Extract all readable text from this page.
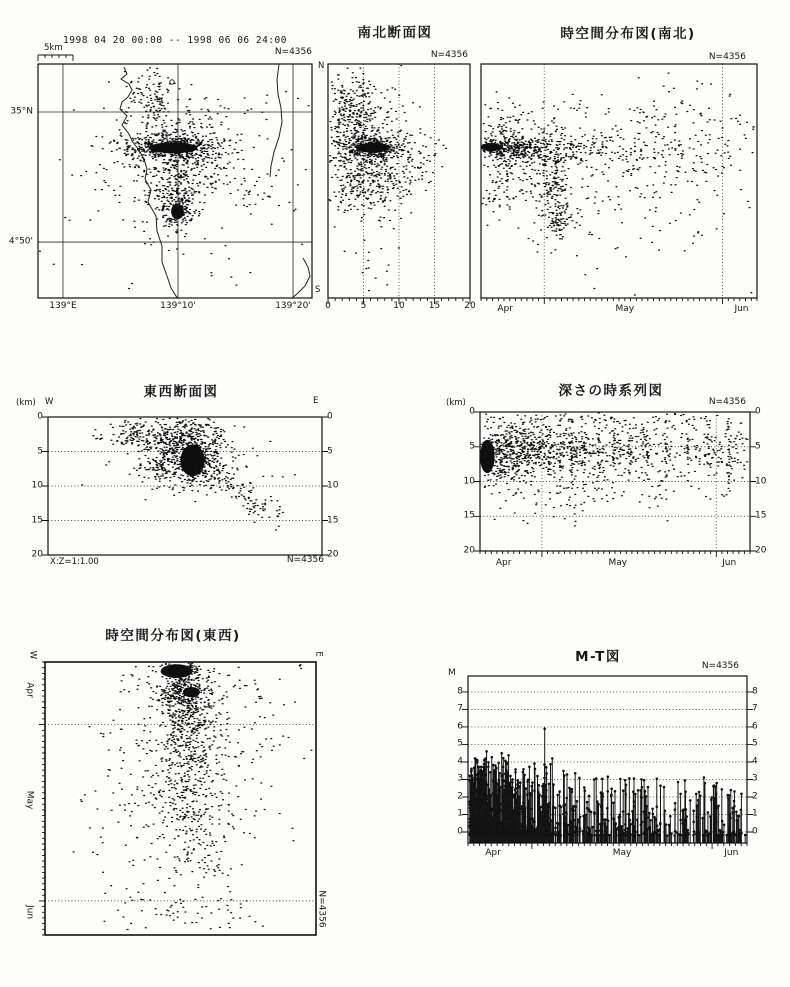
5km
1998 04 20 00:00 -- 1998 06 06 24:00
N=4356
南北断面図
N=4356
N
S
時空間分布図(南北)
N=4356
東西断面図
(km) W	E
X:Z=1:1.00	N=4356
深さの時系列図
(km)	N=4356
時空間分布図(東西)
W	E
N=4356
M-T図
N=4356
M
139°E	139°10'	139°20'
35°N
4°50'
0	5	10	15	20 Apr	May	Jun
0
5
10
15
20
0
5
10
15
20
0
5
10
15
20
0
5
10
15
20
Apr	May	Jun
Apr
May
Jun
8
7
6
5
4
3
2
1
0
8
7
6
5
4
3
2
1
0
Apr	May	Jun
